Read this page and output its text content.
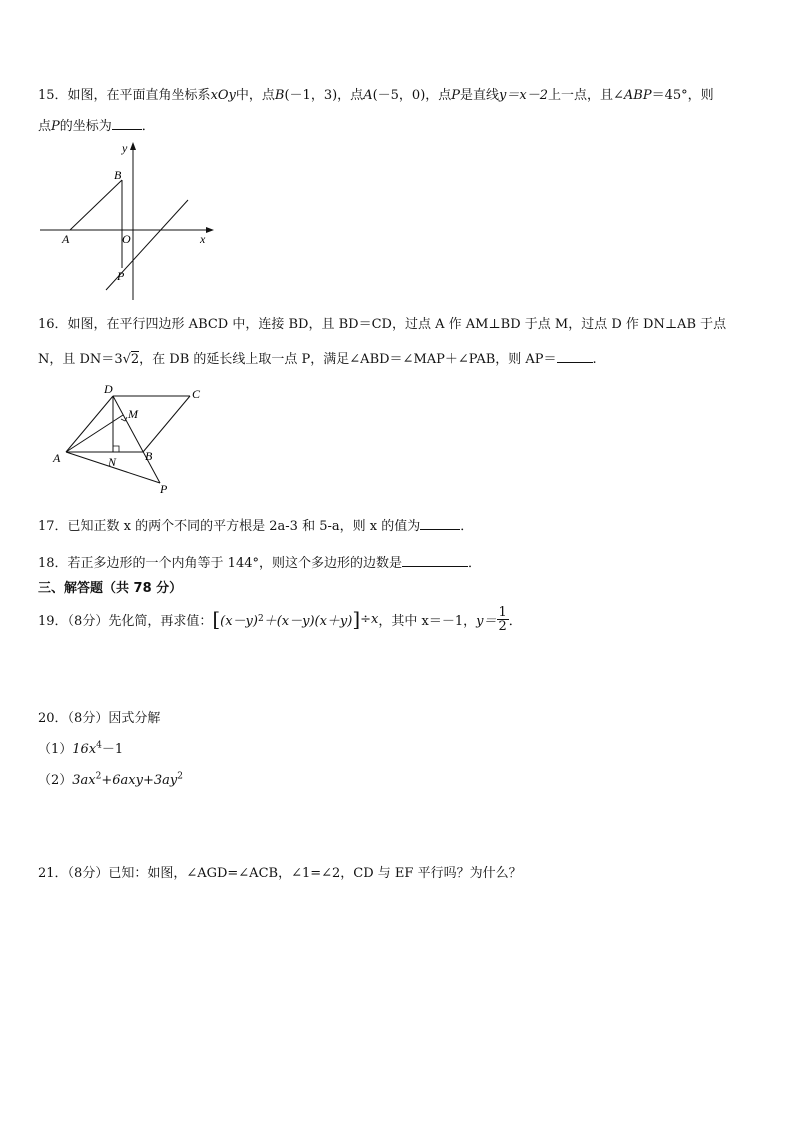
15．如图，在平面直角坐标系xOy中，点B(－1，3)，点A(－5，0)，点P是直线y＝x－2上一点，且∠ABP＝45°，则
点P的坐标为 ．
y
x
A
B
O
P
16．如图，在平行四边形 ABCD 中，连接 BD，且 BD＝CD，过点 A 作 AM⊥BD 于点 M，过点 D 作 DN⊥AB 于点
N，且 DN＝3√2，在 DB 的延长线上取一点 P，满足∠ABD＝∠MAP＋∠PAB，则 AP＝	.
D	C
M
A	N B
P
17．已知正数 x 的两个不同的平方根是 2a-3 和 5-a，则 x 的值为	．
18．若正多边形的一个内角等于 144°，则这个多边形的边数是	．
三、解答题（共 78 分）
19．（8分）先化简，再求值： [ (x－y) 2 ＋(x－y)(x＋y) ] ÷x ，其中 x＝－1， $y= \frac{1}{2}$ ．
20．（8分）因式分解
$(1)16x^4-1$
$(2)3ax^2+6axy+3ay^2$
21．（8分）已知：如图，∠AGD=∠ACB，∠1=∠2，CD 与 EF 平行吗？为什么？
